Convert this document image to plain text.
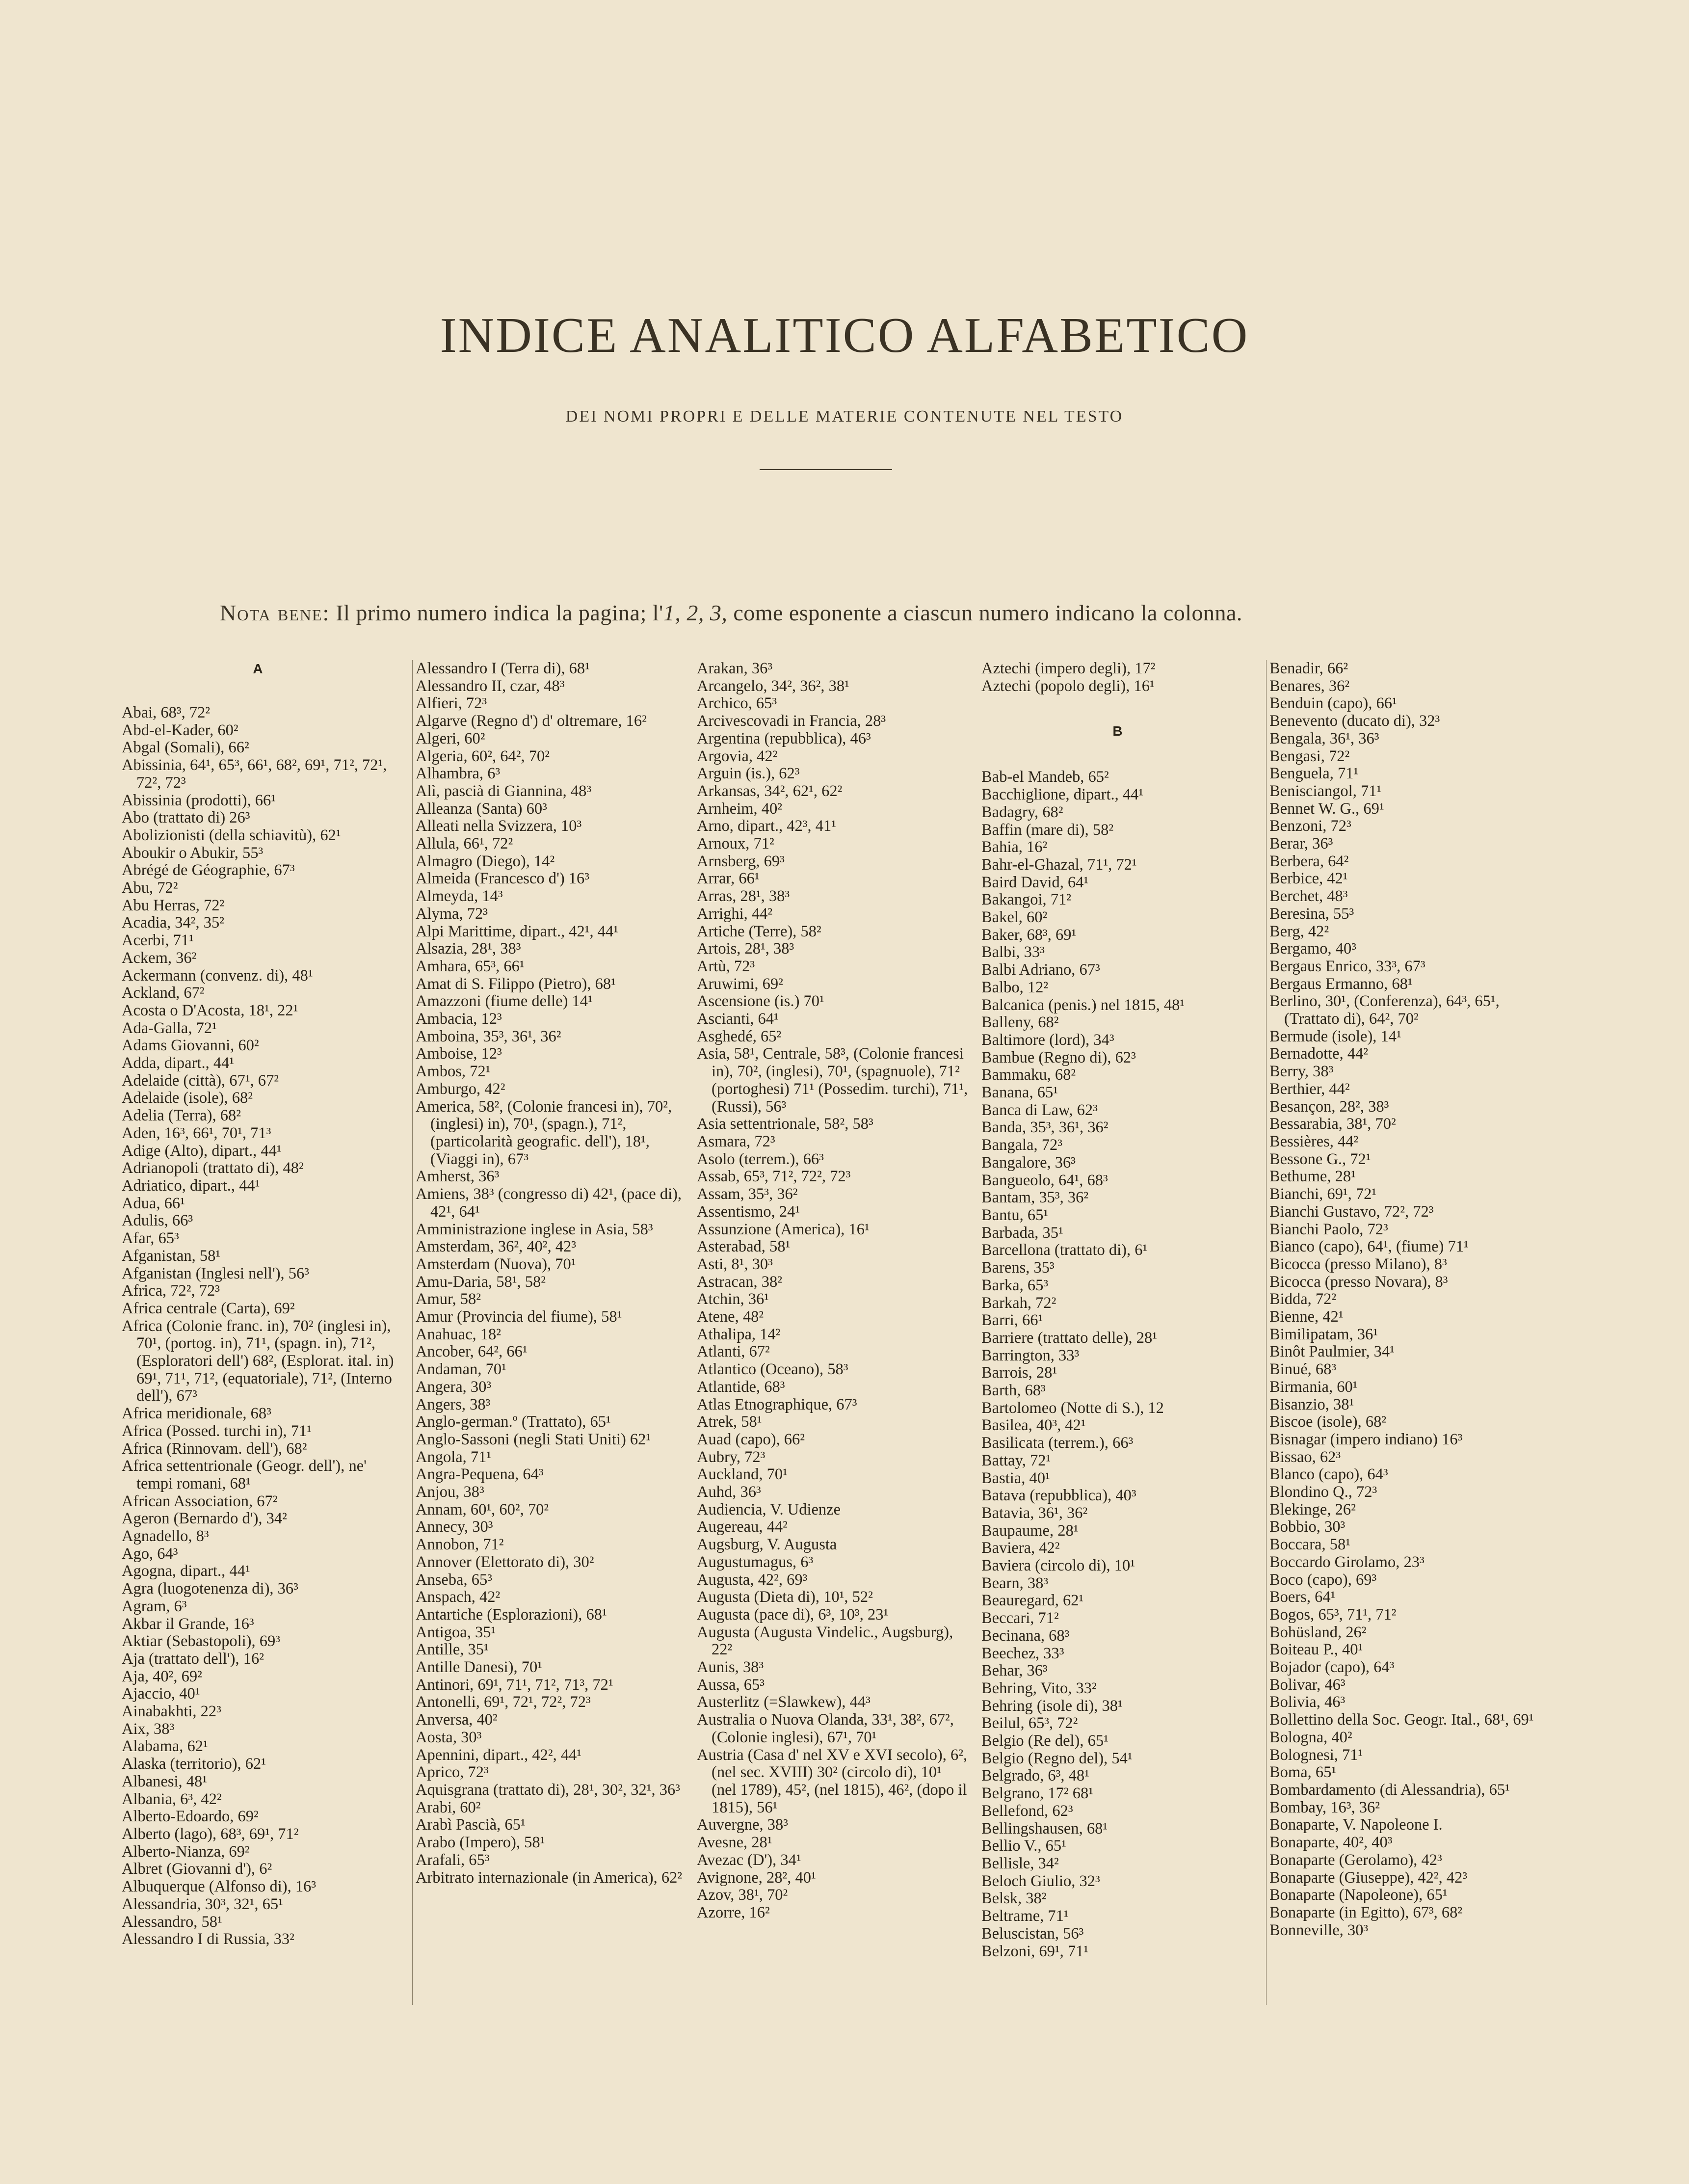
INDICE ANALITICO ALFABETICO
DEI NOMI PROPRI E DELLE MATERIE CONTENUTE NEL TESTO
Nota bene: Il primo numero indica la pagina; l'1, 2, 3, come esponente a ciascun numero indicano la colonna.
A
Abai, 68³, 72²
Abd-el-Kader, 60²
Abgal (Somali), 66²
Abissinia, 64¹, 65³, 66¹, 68², 69¹, 71², 72¹, 72², 72³
Abissinia (prodotti), 66¹
Abo (trattato di) 26³
Abolizionisti (della schiavitù), 62¹
Aboukir o Abukir, 55³
Abrégé de Géographie, 67³
Abu, 72²
Abu Herras, 72²
Acadia, 34², 35²
Acerbi, 71¹
Ackem, 36²
Ackermann (convenz. di), 48¹
Ackland, 67²
Acosta o D'Acosta, 18¹, 22¹
Ada-Galla, 72¹
Adams Giovanni, 60²
Adda, dipart., 44¹
Adelaide (città), 67¹, 67²
Adelaide (isole), 68²
Adelia (Terra), 68²
Aden, 16³, 66¹, 70¹, 71³
Adige (Alto), dipart., 44¹
Adrianopoli (trattato di), 48²
Adriatico, dipart., 44¹
Adua, 66¹
Adulis, 66³
Afar, 65³
Afganistan, 58¹
Afganistan (Inglesi nell'), 56³
Africa, 72², 72³
Africa centrale (Carta), 69²
Africa (Colonie franc. in), 70² (inglesi in), 70¹, (portog. in), 71¹, (spagn. in), 71², (Esploratori dell') 68², (Esplorat. ital. in) 69¹, 71¹, 71², (equatoriale), 71², (Interno dell'), 67³
Africa meridionale, 68³
Africa (Possed. turchi in), 71¹
Africa (Rinnovam. dell'), 68²
Africa settentrionale (Geogr. dell'), ne' tempi romani, 68¹
African Association, 67²
Ageron (Bernardo d'), 34²
Agnadello, 8³
Ago, 64³
Agogna, dipart., 44¹
Agra (luogotenenza di), 36³
Agram, 6³
Akbar il Grande, 16³
Aktiar (Sebastopoli), 69³
Aja (trattato dell'), 16²
Aja, 40², 69²
Ajaccio, 40¹
Ainabakhti, 22³
Aix, 38³
Alabama, 62¹
Alaska (territorio), 62¹
Albanesi, 48¹
Albania, 6³, 42²
Alberto-Edoardo, 69²
Alberto (lago), 68³, 69¹, 71²
Alberto-Nianza, 69²
Albret (Giovanni d'), 6²
Albuquerque (Alfonso di), 16³
Alessandria, 30³, 32¹, 65¹
Alessandro, 58¹
Alessandro I di Russia, 33²
Alessandro I (Terra di), 68¹
Alessandro II, czar, 48³
Alfieri, 72³
Algarve (Regno d') d' oltremare, 16²
Algeri, 60²
Algeria, 60², 64², 70²
Alhambra, 6³
Alì, pascià di Giannina, 48³
Alleanza (Santa) 60³
Alleati nella Svizzera, 10³
Allula, 66¹, 72²
Almagro (Diego), 14²
Almeida (Francesco d') 16³
Almeyda, 14³
Alyma, 72³
Alpi Marittime, dipart., 42¹, 44¹
Alsazia, 28¹, 38³
Amhara, 65³, 66¹
Amat di S. Filippo (Pietro), 68¹
Amazzoni (fiume delle) 14¹
Ambacia, 12³
Amboina, 35³, 36¹, 36²
Amboise, 12³
Ambos, 72¹
Amburgo, 42²
America, 58², (Colonie francesi in), 70², (inglesi) in), 70¹, (spagn.), 71², (particolarità geografic. dell'), 18¹, (Viaggi in), 67³
Amherst, 36³
Amiens, 38³ (congresso di) 42¹, (pace di), 42¹, 64¹
Amministrazione inglese in Asia, 58³
Amsterdam, 36², 40², 42³
Amsterdam (Nuova), 70¹
Amu-Daria, 58¹, 58²
Amur, 58²
Amur (Provincia del fiume), 58¹
Anahuac, 18²
Ancober, 64², 66¹
Andaman, 70¹
Angera, 30³
Angers, 38³
Anglo-german.º (Trattato), 65¹
Anglo-Sassoni (negli Stati Uniti) 62¹
Angola, 71¹
Angra-Pequena, 64³
Anjou, 38³
Annam, 60¹, 60², 70²
Annecy, 30³
Annobon, 71²
Annover (Elettorato di), 30²
Anseba, 65³
Anspach, 42²
Antartiche (Esplorazioni), 68¹
Antigoa, 35¹
Antille, 35¹
Antille Danesi), 70¹
Antinori, 69¹, 71¹, 71², 71³, 72¹
Antonelli, 69¹, 72¹, 72², 72³
Anversa, 40²
Aosta, 30³
Apennini, dipart., 42², 44¹
Aprico, 72³
Aquisgrana (trattato di), 28¹, 30², 32¹, 36³
Arabi, 60²
Arabì Pascià, 65¹
Arabo (Impero), 58¹
Arafali, 65³
Arbitrato internazionale (in America), 62²
Arakan, 36³
Arcangelo, 34², 36², 38¹
Archico, 65³
Arcivescovadi in Francia, 28³
Argentina (repubblica), 46³
Argovia, 42²
Arguin (is.), 62³
Arkansas, 34², 62¹, 62²
Arnheim, 40²
Arno, dipart., 42³, 41¹
Arnoux, 71²
Arnsberg, 69³
Arrar, 66¹
Arras, 28¹, 38³
Arrighi, 44²
Artiche (Terre), 58²
Artois, 28¹, 38³
Artù, 72³
Aruwimi, 69²
Ascensione (is.) 70¹
Ascianti, 64¹
Asghedé, 65²
Asia, 58¹, Centrale, 58³, (Colonie francesi in), 70², (inglesi), 70¹, (spagnuole), 71² (portoghesi) 71¹ (Possedim. turchi), 71¹, (Russi), 56³
Asia settentrionale, 58², 58³
Asmara, 72³
Asolo (terrem.), 66³
Assab, 65³, 71², 72², 72³
Assam, 35³, 36²
Assentismo, 24¹
Assunzione (America), 16¹
Asterabad, 58¹
Asti, 8¹, 30³
Astracan, 38²
Atchin, 36¹
Atene, 48²
Athalipa, 14²
Atlanti, 67²
Atlantico (Oceano), 58³
Atlantide, 68³
Atlas Etnographique, 67³
Atrek, 58¹
Auad (capo), 66²
Aubry, 72³
Auckland, 70¹
Auhd, 36³
Audiencia, V. Udienze
Augereau, 44²
Augsburg, V. Augusta
Augustumagus, 6³
Augusta, 42², 69³
Augusta (Dieta di), 10¹, 52²
Augusta (pace di), 6³, 10³, 23¹
Augusta (Augusta Vindelic., Augsburg), 22²
Aunis, 38³
Aussa, 65³
Austerlitz (=Slawkew), 44³
Australia o Nuova Olanda, 33¹, 38², 67², (Colonie inglesi), 67¹, 70¹
Austria (Casa d' nel XV e XVI secolo), 6², (nel sec. XVIII) 30² (circolo di), 10¹ (nel 1789), 45², (nel 1815), 46², (dopo il 1815), 56¹
Auvergne, 38³
Avesne, 28¹
Avezac (D'), 34¹
Avignone, 28², 40¹
Azov, 38¹, 70²
Azorre, 16²
Aztechi (impero degli), 17²
Aztechi (popolo degli), 16¹
B
Bab-el Mandeb, 65²
Bacchiglione, dipart., 44¹
Badagry, 68²
Baffin (mare di), 58²
Bahia, 16²
Bahr-el-Ghazal, 71¹, 72¹
Baird David, 64¹
Bakangoi, 71²
Bakel, 60²
Baker, 68³, 69¹
Balbi, 33³
Balbi Adriano, 67³
Balbo, 12²
Balcanica (penis.) nel 1815, 48¹
Balleny, 68²
Baltimore (lord), 34³
Bambue (Regno di), 62³
Bammaku, 68²
Banana, 65¹
Banca di Law, 62³
Banda, 35³, 36¹, 36²
Bangala, 72³
Bangalore, 36³
Bangueolo, 64¹, 68³
Bantam, 35³, 36²
Bantu, 65¹
Barbada, 35¹
Barcellona (trattato di), 6¹
Barens, 35³
Barka, 65³
Barkah, 72²
Barri, 66¹
Barriere (trattato delle), 28¹
Barrington, 33³
Barrois, 28¹
Barth, 68³
Bartolomeo (Notte di S.), 12
Basilea, 40³, 42¹
Basilicata (terrem.), 66³
Battay, 72¹
Bastia, 40¹
Batava (repubblica), 40³
Batavia, 36¹, 36²
Baupaume, 28¹
Baviera, 42²
Baviera (circolo di), 10¹
Bearn, 38³
Beauregard, 62¹
Beccari, 71²
Becinana, 68³
Beechez, 33³
Behar, 36³
Behring, Vito, 33²
Behring (isole di), 38¹
Beilul, 65³, 72²
Belgio (Re del), 65¹
Belgio (Regno del), 54¹
Belgrado, 6³, 48¹
Belgrano, 17² 68¹
Bellefond, 62³
Bellingshausen, 68¹
Bellio V., 65¹
Bellisle, 34²
Beloch Giulio, 32³
Belsk, 38²
Beltrame, 71¹
Beluscistan, 56³
Belzoni, 69¹, 71¹
Benadir, 66²
Benares, 36²
Benduin (capo), 66¹
Benevento (ducato di), 32³
Bengala, 36¹, 36³
Bengasi, 72²
Benguela, 71¹
Benisciangol, 71¹
Bennet W. G., 69¹
Benzoni, 72³
Berar, 36³
Berbera, 64²
Berbice, 42¹
Berchet, 48³
Beresina, 55³
Berg, 42²
Bergamo, 40³
Bergaus Enrico, 33³, 67³
Bergaus Ermanno, 68¹
Berlino, 30¹, (Conferenza), 64³, 65¹, (Trattato di), 64², 70²
Bermude (isole), 14¹
Bernadotte, 44²
Berry, 38³
Berthier, 44²
Besançon, 28², 38³
Bessarabia, 38¹, 70²
Bessières, 44²
Bessone G., 72¹
Bethume, 28¹
Bianchi, 69¹, 72¹
Bianchi Gustavo, 72², 72³
Bianchi Paolo, 72³
Bianco (capo), 64¹, (fiume) 71¹
Bicocca (presso Milano), 8³
Bicocca (presso Novara), 8³
Bidda, 72²
Bienne, 42¹
Bimilipatam, 36¹
Binôt Paulmier, 34¹
Binué, 68³
Birmania, 60¹
Bisanzio, 38¹
Biscoe (isole), 68²
Bisnagar (impero indiano) 16³
Bissao, 62³
Blanco (capo), 64³
Blondino Q., 72³
Blekinge, 26²
Bobbio, 30³
Boccara, 58¹
Boccardo Girolamo, 23³
Boco (capo), 69³
Boers, 64¹
Bogos, 65³, 71¹, 71²
Bohüsland, 26²
Boiteau P., 40¹
Bojador (capo), 64³
Bolivar, 46³
Bolivia, 46³
Bollettino della Soc. Geogr. Ital., 68¹, 69¹
Bologna, 40²
Bolognesi, 71¹
Boma, 65¹
Bombardamento (di Alessandria), 65¹
Bombay, 16³, 36²
Bonaparte, V. Napoleone I.
Bonaparte, 40², 40³
Bonaparte (Gerolamo), 42³
Bonaparte (Giuseppe), 42², 42³
Bonaparte (Napoleone), 65¹
Bonaparte (in Egitto), 67³, 68²
Bonneville, 30³
